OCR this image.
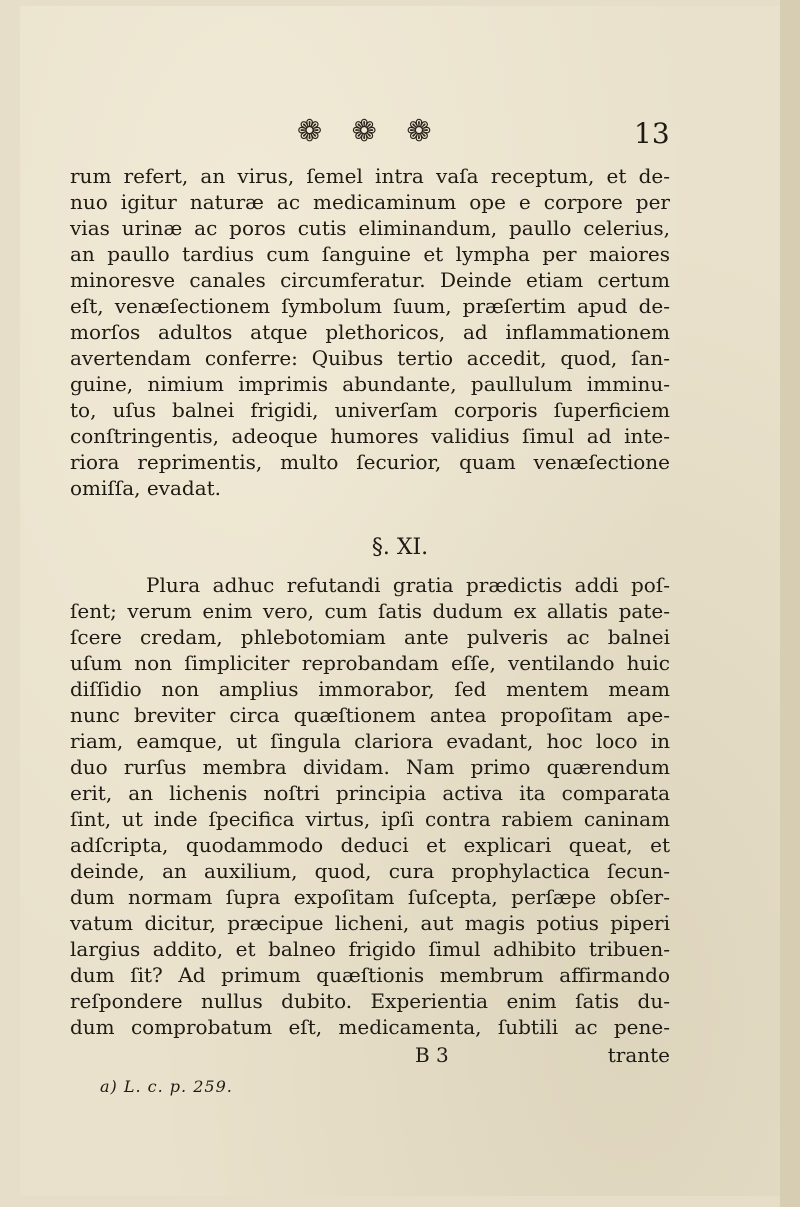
❁ ❁ ❁	13
rum refert, an virus, ſemel intra vaſa receptum, et de-
nuo igitur naturæ ac medicaminum ope e corpore per
vias urinæ ac poros cutis eliminandum, paullo celerius,
an paullo tardius cum ſanguine et lympha per maiores
minoresve canales circumferatur. Deinde etiam certum
eſt, venæſectionem ſymbolum ſuum, præſertim apud de-
morſos adultos atque plethoricos, ad inflammationem
avertendam conferre: Quibus tertio accedit, quod, ſan-
guine, nimium imprimis abundante, paullulum imminu-
to, uſus balnei frigidi, univerſam corporis ſuperficiem
conſtringentis, adeoque humores validius ſimul ad inte-
riora reprimentis, multo ſecurior, quam venæſectione
omiſſa, evadat.
§. XI.
Plura adhuc refutandi gratia prædictis addi poſ-
ſent; verum enim vero, cum ſatis dudum ex allatis pate-
ſcere credam, phlebotomiam ante pulveris ac balnei
uſum non ſimpliciter reprobandam eſſe, ventilando huic
diſſidio non amplius immorabor, ſed mentem meam
nunc breviter circa quæſtionem antea propoſitam ape-
riam, eamque, ut ſingula clariora evadant, hoc loco in
duo rurſus membra dividam. Nam primo quærendum
erit, an lichenis noſtri principia activa ita comparata
ſint, ut inde ſpecifica virtus, ipſi contra rabiem caninam
adſcripta, quodammodo deduci et explicari queat, et
deinde, an auxilium, quod, cura prophylactica ſecun-
dum normam ſupra expoſitam ſuſcepta, perſæpe obſer-
vatum dicitur, præcipue licheni, aut magis potius piperi
largius addito, et balneo frigido ſimul adhibito tribuen-
dum ſit? Ad primum quæſtionis membrum affirmando
reſpondere nullus dubito. Experientia enim ſatis du-
dum comprobatum eſt, medicamenta, ſubtili ac pene-
B 3	trante
a) L. c. p. 259.
